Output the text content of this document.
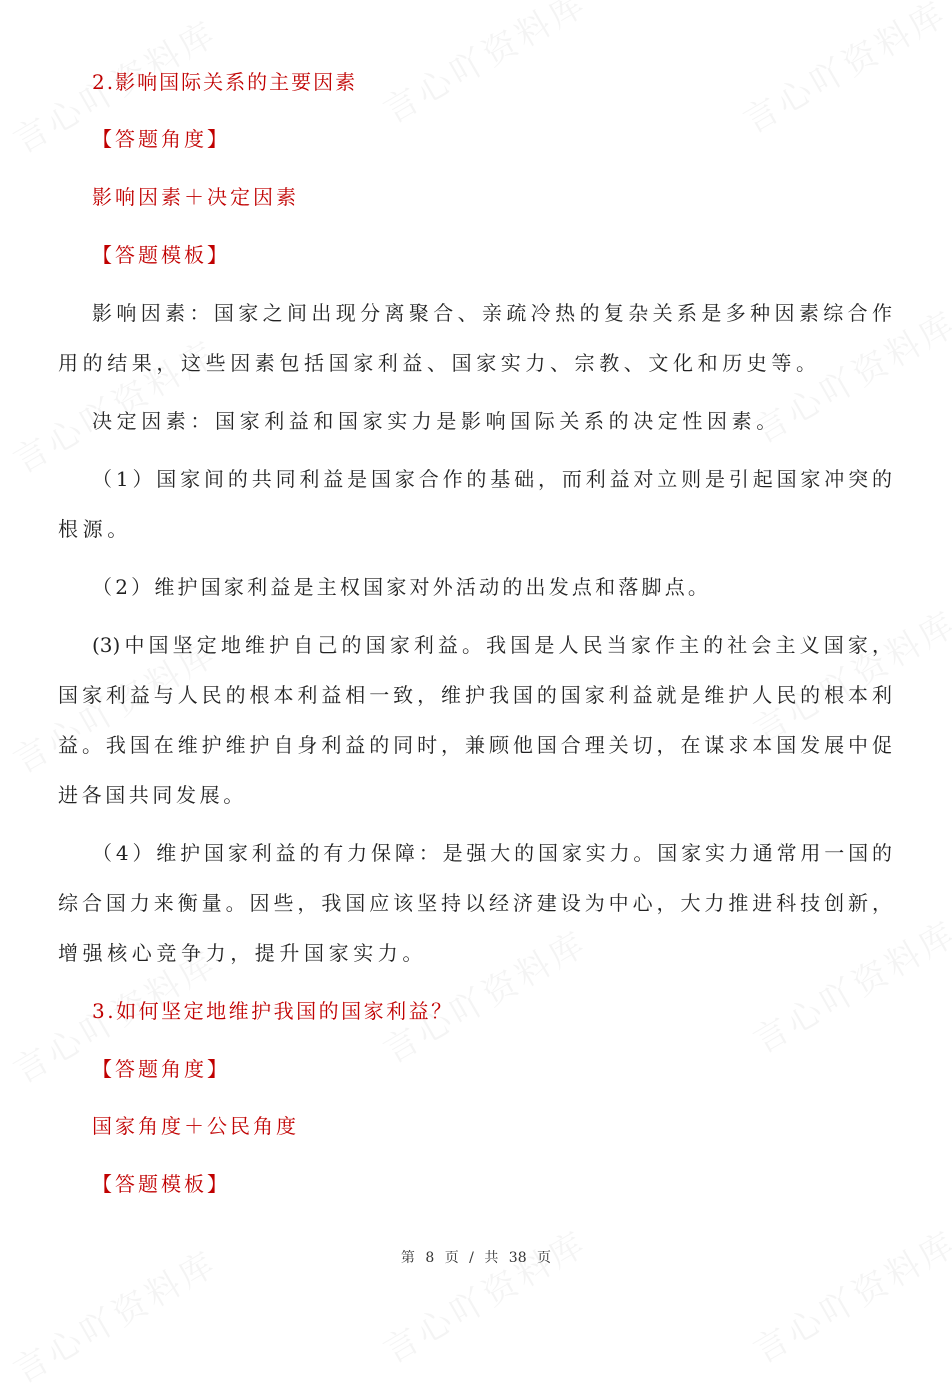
2.影响国际关系的主要因素
【答题角度】
影响因素＋决定因素
【答题模板】
影响因素：国家之间出现分离聚合、亲疏冷热的复杂关系是多种因素综合作
用的结果，这些因素包括国家利益、国家实力、宗教、文化和历史等。
决定因素：国家利益和国家实力是影响国际关系的决定性因素。
（1）国家间的共同利益是国家合作的基础，而利益对立则是引起国家冲突的
根源。
（2）维护国家利益是主权国家对外活动的出发点和落脚点。
(3)中国坚定地维护自己的国家利益。我国是人民当家作主的社会主义国家，
国家利益与人民的根本利益相一致，维护我国的国家利益就是维护人民的根本利
益。我国在维护维护自身利益的同时，兼顾他国合理关切，在谋求本国发展中促
进各国共同发展。
（4）维护国家利益的有力保障：是强大的国家实力。国家实力通常用一国的
综合国力来衡量。因些，我国应该坚持以经济建设为中心，大力推进科技创新，
增强核心竞争力，提升国家实力。
3.如何坚定地维护我国的国家利益？
【答题角度】
国家角度＋公民角度
【答题模板】
第 8 页 / 共 38 页
